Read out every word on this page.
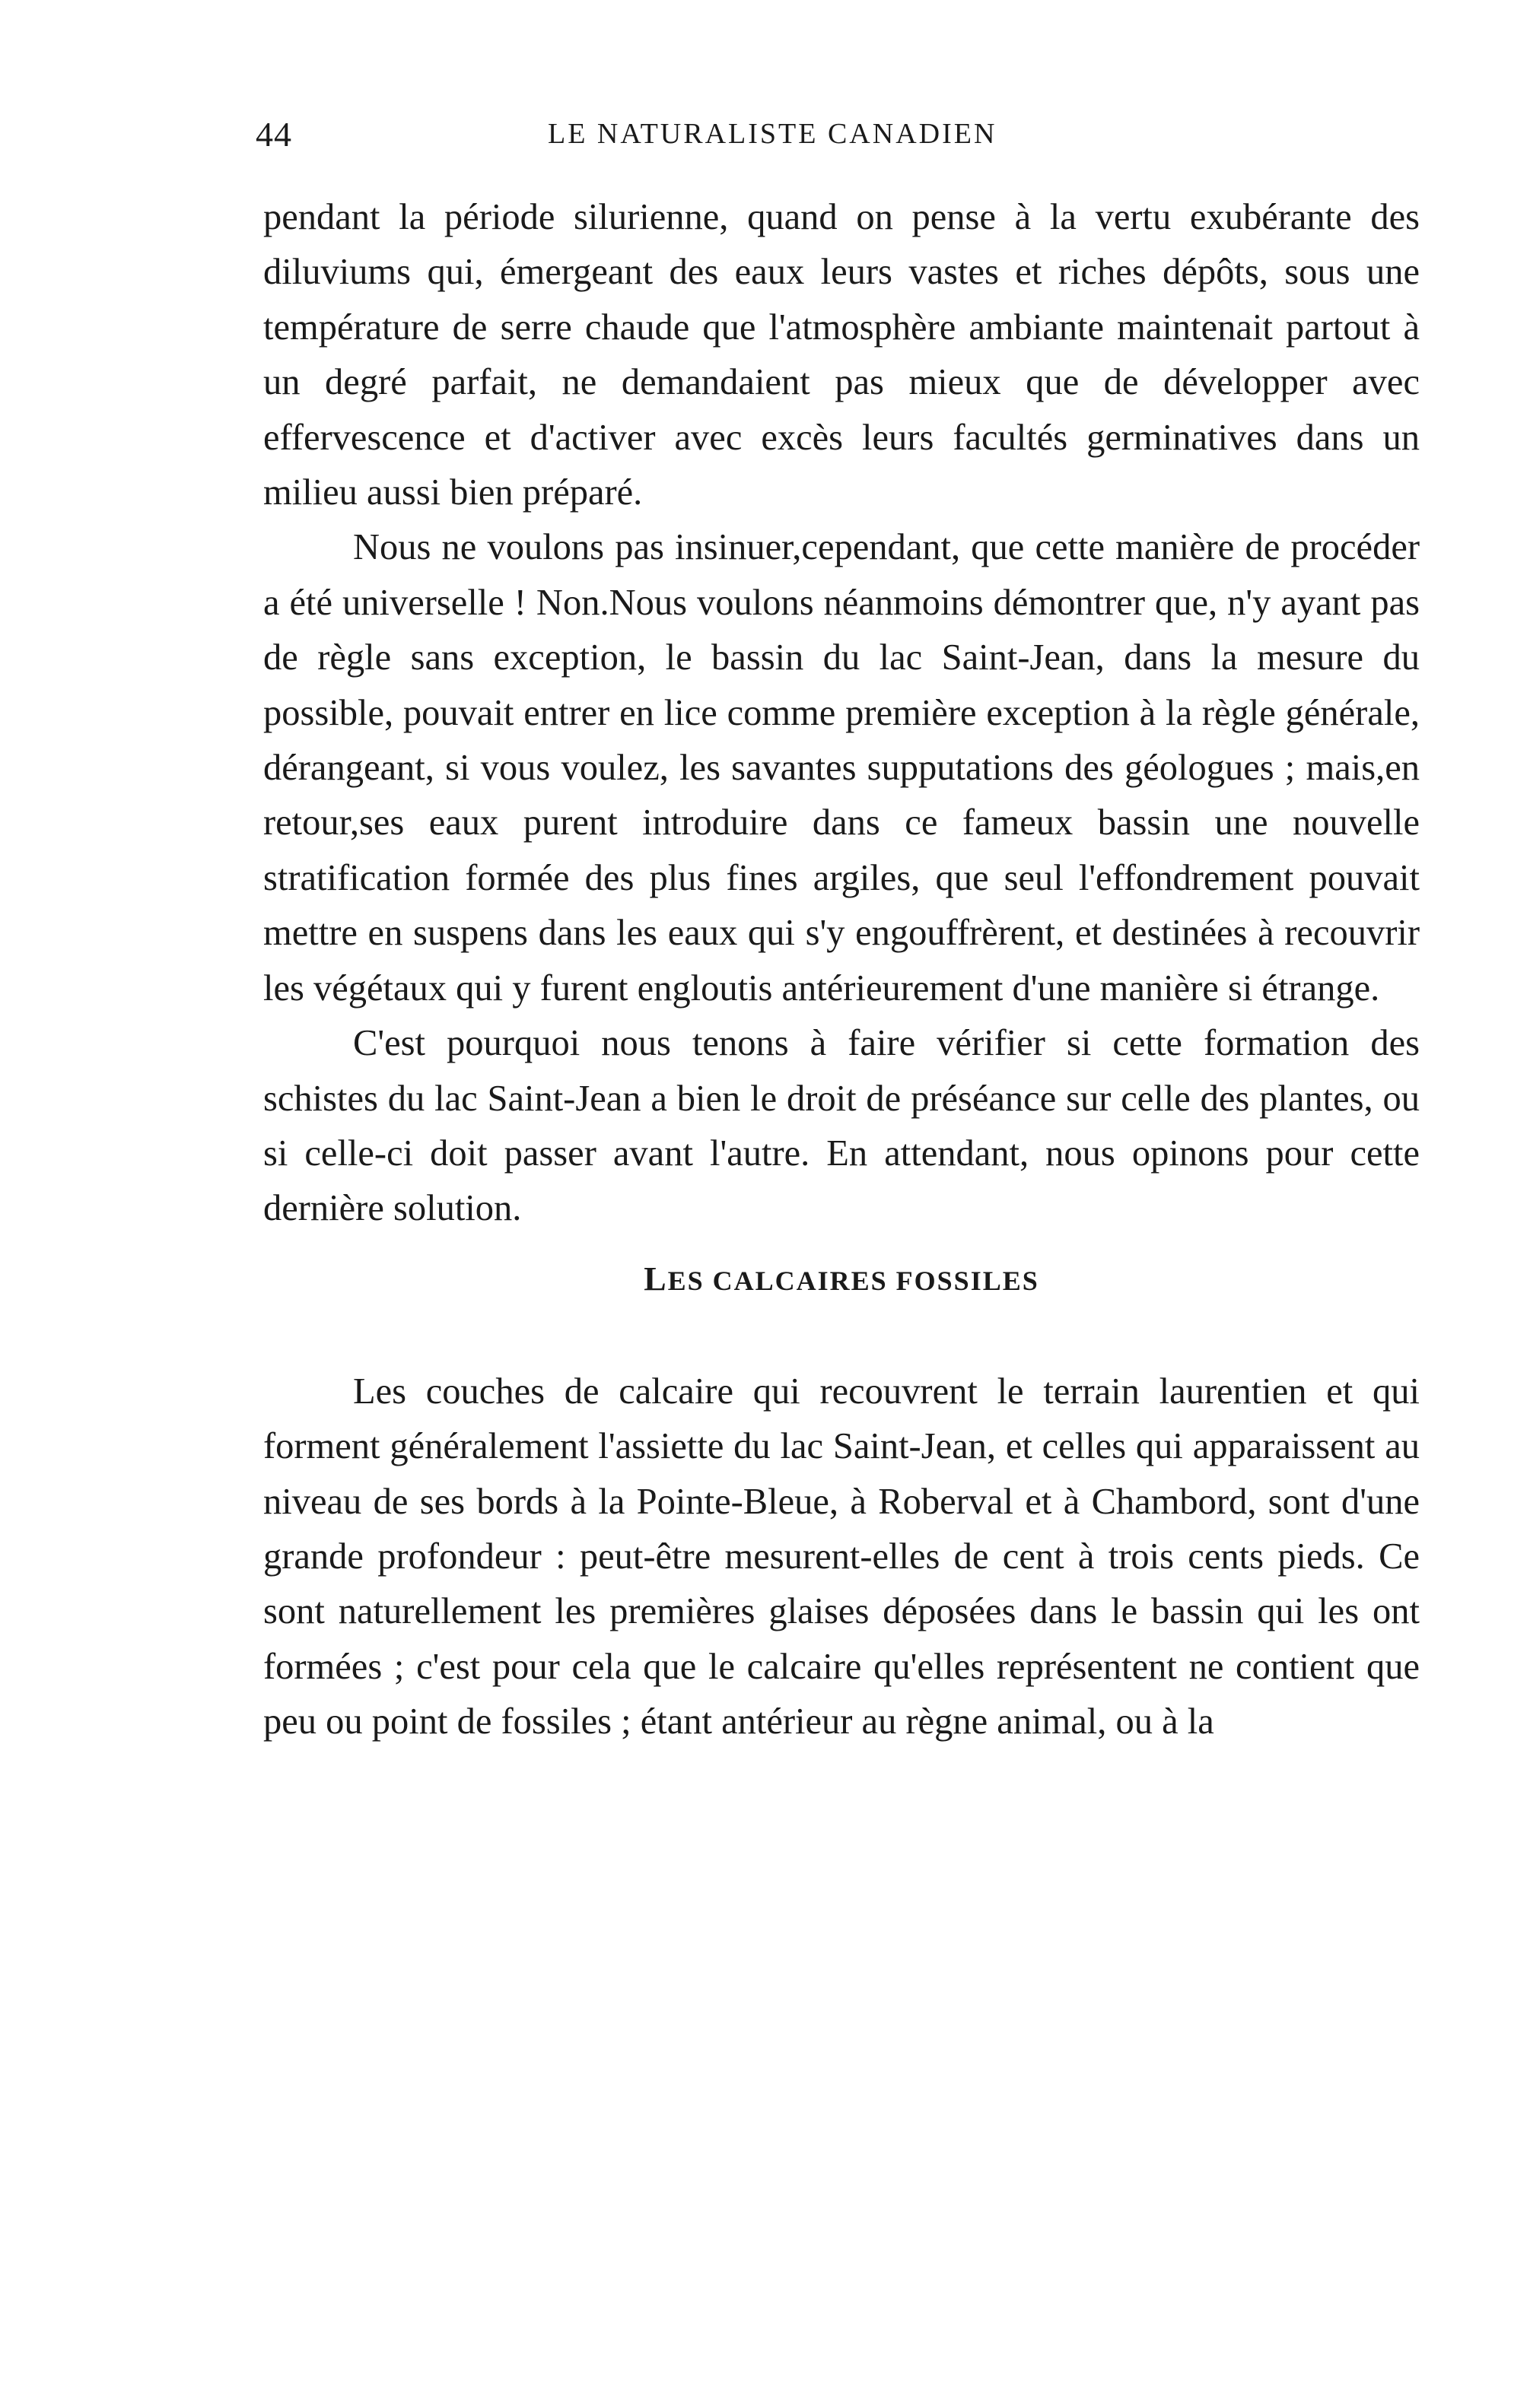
44	LE NATURALISTE CANADIEN

pendant la période silurienne, quand on pense à la vertu exubérante des diluviums qui, émergeant des eaux leurs vastes et riches dépôts, sous une température de serre chaude que l'atmosphère ambiante maintenait partout à un degré parfait, ne demandaient pas mieux que de développer avec effervescence et d'activer avec excès leurs facultés germinatives dans un milieu aussi bien préparé.

Nous ne voulons pas insinuer,cependant, que cette manière de procéder a été universelle ! Non.Nous voulons néanmoins démontrer que, n'y ayant pas de règle sans exception, le bassin du lac Saint-Jean, dans la mesure du possible, pouvait entrer en lice comme première exception à la règle générale, dérangeant, si vous voulez, les savantes supputations des géologues ; mais,en retour,ses eaux purent introduire dans ce fameux bassin une nouvelle stratification formée des plus fines argiles, que seul l'effondrement pouvait mettre en suspens dans les eaux qui s'y engouffrèrent, et destinées à recouvrir les végétaux qui y furent engloutis antérieurement d'une manière si étrange.

C'est pourquoi nous tenons à faire vérifier si cette formation des schistes du lac Saint-Jean a bien le droit de préséance sur celle des plantes, ou si celle-ci doit passer avant l'autre. En attendant, nous opinons pour cette dernière solution.

LES CALCAIRES FOSSILES

Les couches de calcaire qui recouvrent le terrain laurentien et qui forment généralement l'assiette du lac Saint-Jean, et celles qui apparaissent au niveau de ses bords à la Pointe-Bleue, à Roberval et à Chambord, sont d'une grande profondeur : peut-être mesurent-elles de cent à trois cents pieds. Ce sont naturellement les premières glaises déposées dans le bassin qui les ont formées ; c'est pour cela que le calcaire qu'elles représentent ne contient que peu ou point de fossiles ; étant antérieur au règne animal, ou à la
